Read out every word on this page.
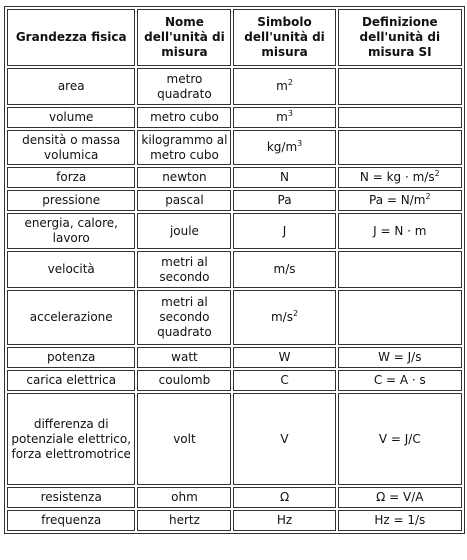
Grandezza fisica	Nome dell'unità di misura	Simbolo dell'unità di misura	Definizione dell'unità di misura SI
area	metro quadrato	$m^2$	
volume	metro cubo	$m^3$	
densità o massa volumica	kilogrammo al metro cubo	$kg/m^3$	
forza	newton	N	N = kg · $m/s^2$
pressione	pascal	Pa	$Pa = N/m^2$
energia, calore, lavoro	joule	J	J = N · m
velocità	metri al secondo	m/s	
accelerazione	metri al secondo quadrato	$m/s^2$	
potenza	watt	W	W = J/s
carica elettrica	coulomb	C	C = A · s
differenza di potenziale elettrico, forza elettromotrice	volt	V	V = J/C
resistenza	ohm	Ω	Ω = V/A
frequenza	hertz	Hz	Hz = 1/s
